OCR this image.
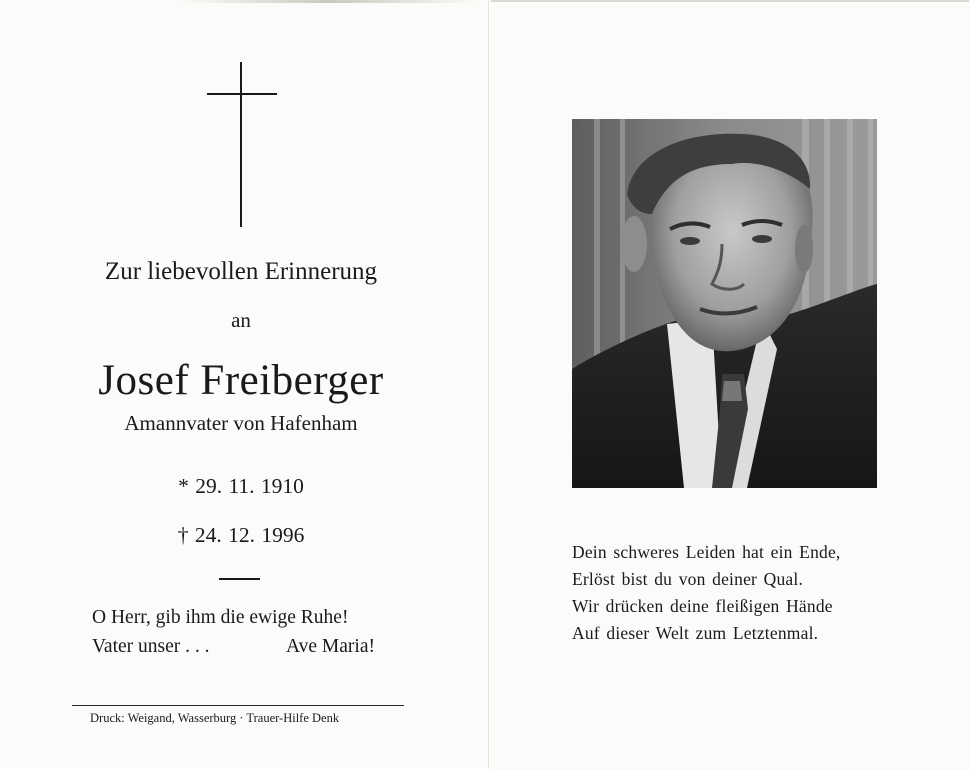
Zur liebevollen Erinnerung
an
Josef Freiberger
Amannvater von Hafenham
* 29. 11. 1910
† 24. 12. 1996
O Herr, gib ihm die ewige Ruhe!
Vater unser . . .	Ave Maria!
Druck: Weigand, Wasserburg · Trauer-Hilfe Denk
Dein schweres Leiden hat ein Ende,
Erlöst bist du von deiner Qual.
Wir drücken deine fleißigen Hände
Auf dieser Welt zum Letztenmal.
